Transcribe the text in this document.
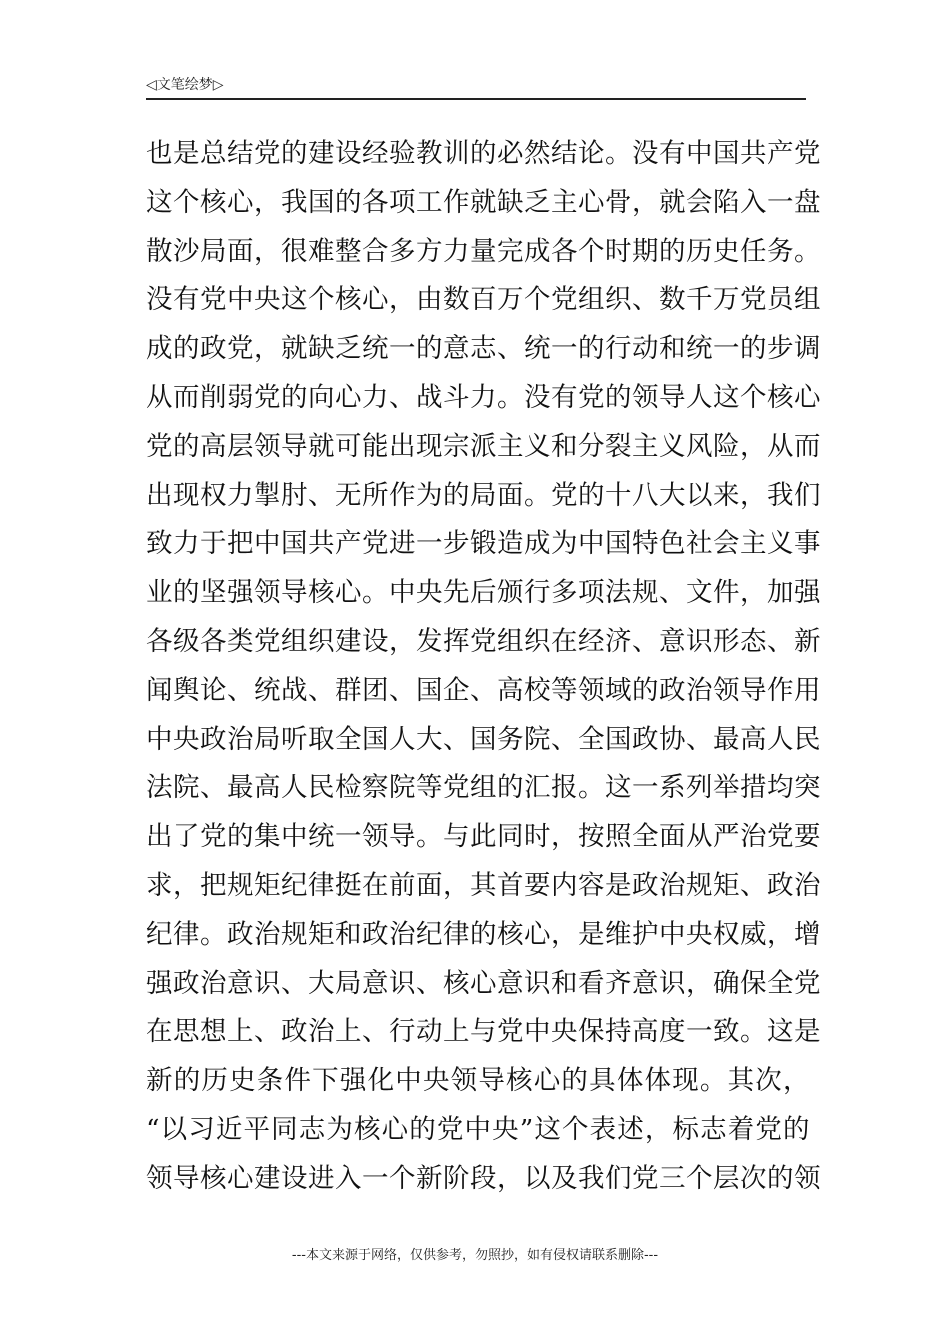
◁文笔绘梦▷
也是总结党的建设经验教训的必然结论。没有中国共产党
这个核心，我国的各项工作就缺乏主心骨，就会陷入一盘
散沙局面，很难整合多方力量完成各个时期的历史任务。
没有党中央这个核心，由数百万个党组织、数千万党员组
成的政党，就缺乏统一的意志、统一的行动和统一的步调
从而削弱党的向心力、战斗力。没有党的领导人这个核心
党的高层领导就可能出现宗派主义和分裂主义风险，从而
出现权力掣肘、无所作为的局面。党的十八大以来，我们
致力于把中国共产党进一步锻造成为中国特色社会主义事
业的坚强领导核心。中央先后颁行多项法规、文件，加强
各级各类党组织建设，发挥党组织在经济、意识形态、新
闻舆论、统战、群团、国企、高校等领域的政治领导作用
中央政治局听取全国人大、国务院、全国政协、最高人民
法院、最高人民检察院等党组的汇报。这一系列举措均突
出了党的集中统一领导。与此同时，按照全面从严治党要
求，把规矩纪律挺在前面，其首要内容是政治规矩、政治
纪律。政治规矩和政治纪律的核心，是维护中央权威，增
强政治意识、大局意识、核心意识和看齐意识，确保全党
在思想上、政治上、行动上与党中央保持高度一致。这是
新的历史条件下强化中央领导核心的具体体现。其次，
“以习近平同志为核心的党中央”这个表述，标志着党的
领导核心建设进入一个新阶段，以及我们党三个层次的领
---本文来源于网络，仅供参考，勿照抄，如有侵权请联系删除---
